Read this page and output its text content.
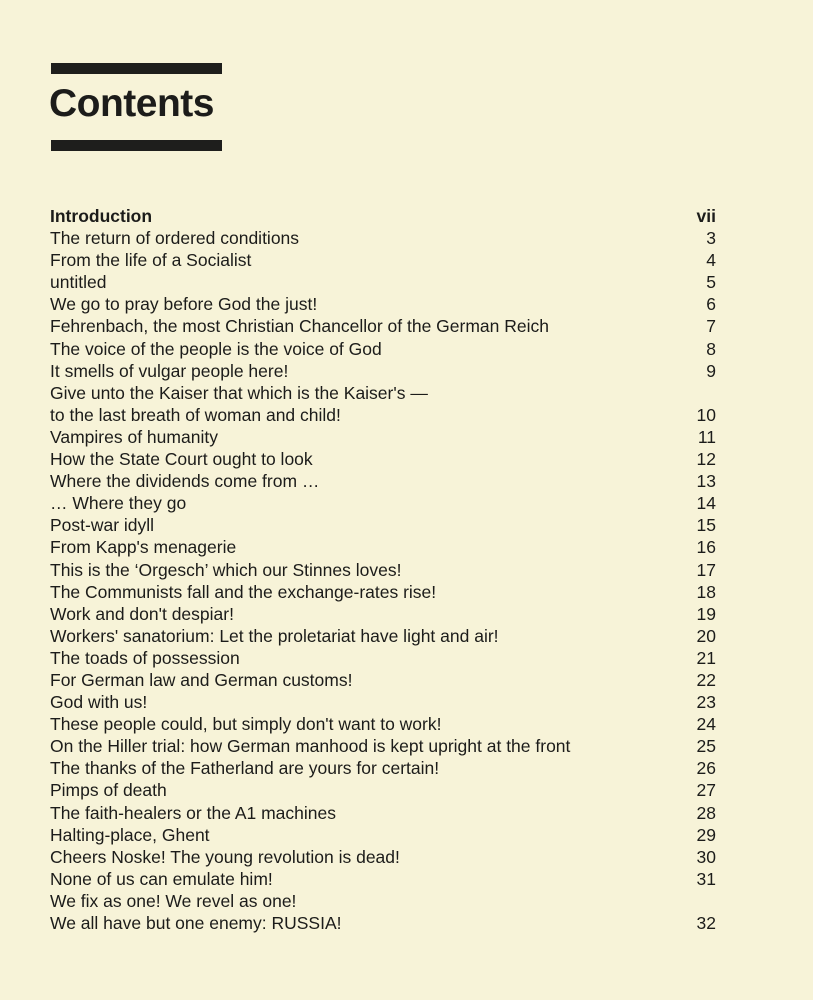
Contents
Introduction	vii
The return of ordered conditions	3
From the life of a Socialist	4
untitled	5
We go to pray before God the just!	6
Fehrenbach, the most Christian Chancellor of the German Reich	7
The voice of the people is the voice of God	8
It smells of vulgar people here!	9
Give unto the Kaiser that which is the Kaiser's —
to the last breath of woman and child!	10
Vampires of humanity	11
How the State Court ought to look	12
Where the dividends come from …	13
… Where they go	14
Post-war idyll	15
From Kapp's menagerie	16
This is the ‘Orgesch’ which our Stinnes loves!	17
The Communists fall and the exchange-rates rise!	18
Work and don't despiar!	19
Workers' sanatorium: Let the proletariat have light and air!	20
The toads of possession	21
For German law and German customs!	22
God with us!	23
These people could, but simply don't want to work!	24
On the Hiller trial: how German manhood is kept upright at the front	25
The thanks of the Fatherland are yours for certain!	26
Pimps of death	27
The faith-healers or the A1 machines	28
Halting-place, Ghent	29
Cheers Noske! The young revolution is dead!	30
None of us can emulate him!	31
We fix as one! We revel as one!
We all have but one enemy: RUSSIA!	32
